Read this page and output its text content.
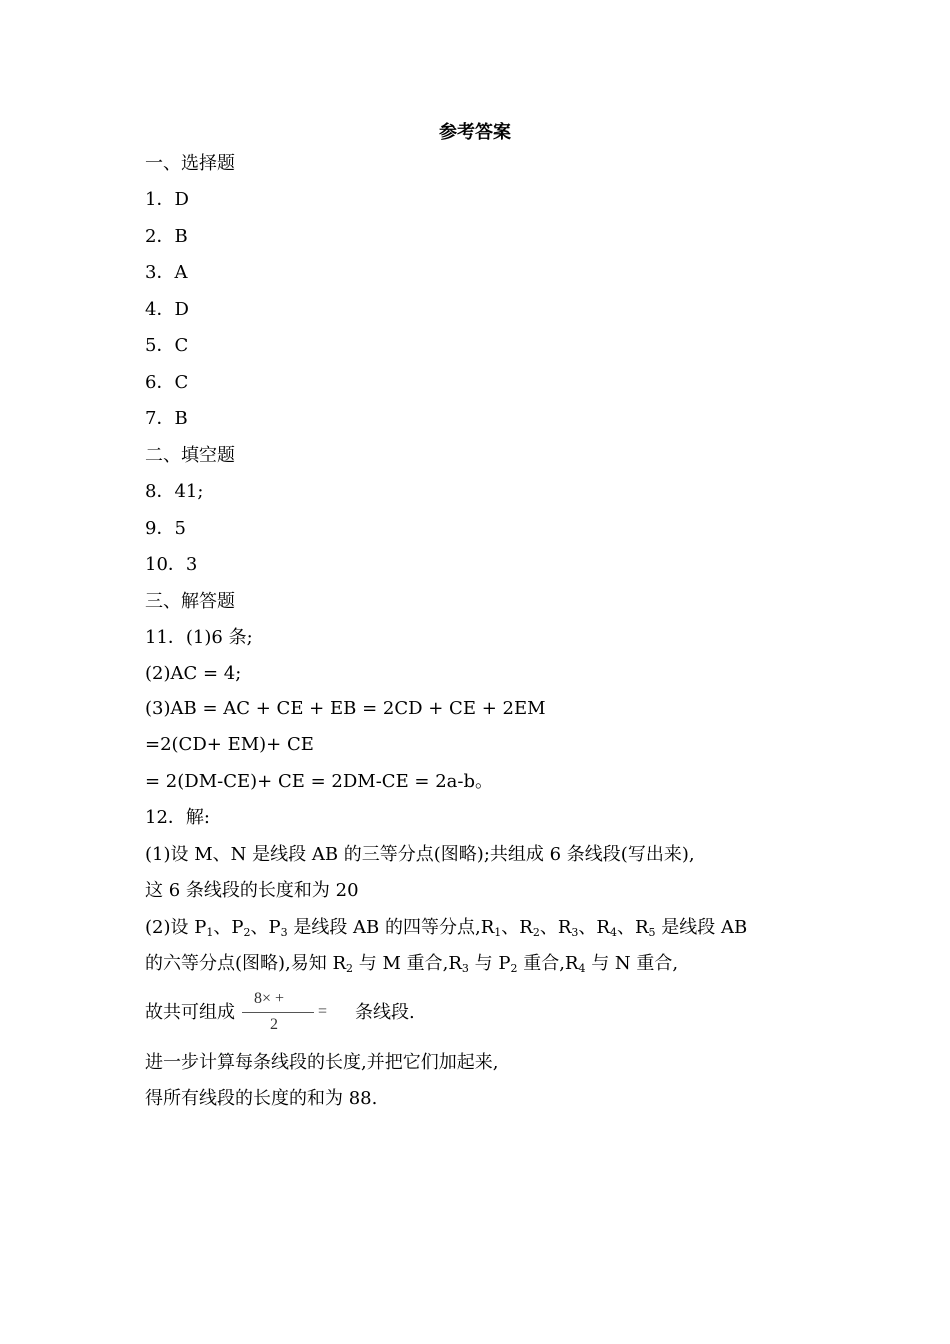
参考答案
一、选择题
1．D
2．B
3．A
4．D
5．C
6．C
7．B
二、填空题
8．41;
9．5
10．3
三、解答题
11．(1)6 条;
(2)AC = 4;
(3)AB = AC + CE + EB = 2CD + CE + 2EM
=2(CD+ EM)+ CE
= 2(DM-CE)+ CE = 2DM-CE = 2a-b。
12．解:
(1)设 M、N 是线段 AB 的三等分点(图略);共组成 6 条线段(写出来),
这 6 条线段的长度和为 20
(2)设 $P_1$、$P_2$、$P_3$ 是线段 AB 的四等分点$,R_1$、$R_2$、$R_3$、$R_4$、$R_5$ 是线段 AB
的六等分点(图略),易知 $R_2$ 与 M 重合$,R_3$ 与 $P_2$ 重合$,R_4$ 与 N 重合,
故共可组成
8× +
2
= 条线段.
进一步计算每条线段的长度,并把它们加起来,
得所有线段的长度的和为 88.
